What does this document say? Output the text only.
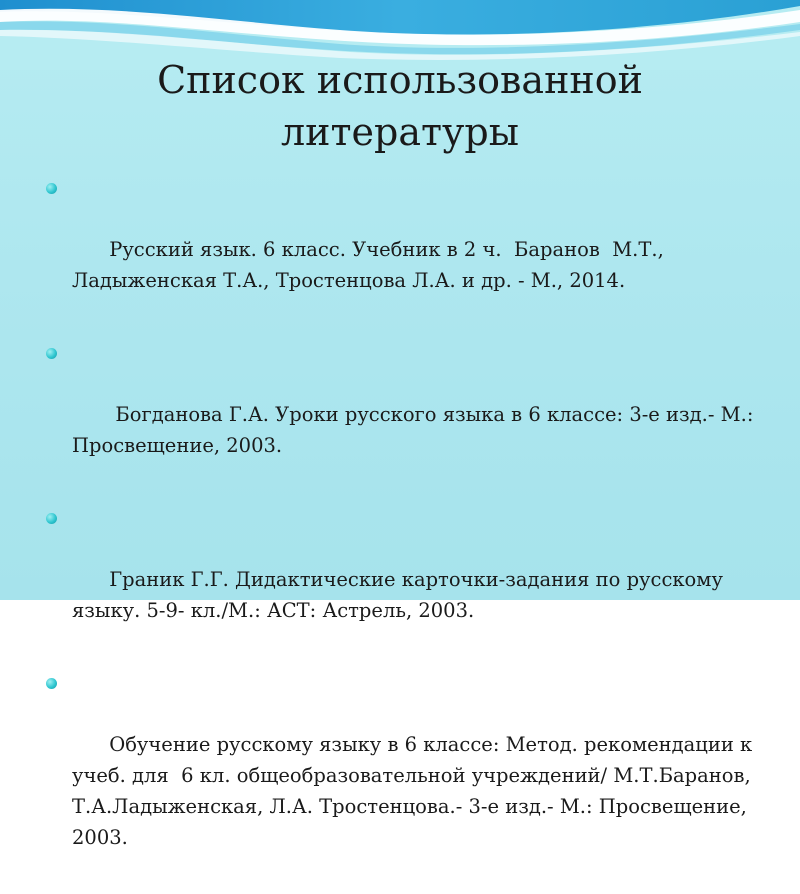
Список использованной литературы

Русский язык. 6 класс. Учебник в 2 ч.  Баранов  М.Т., Ладыженская Т.А., Тростенцова Л.А. и др. - М., 2014.

Богданова Г.А. Уроки русского языка в 6 классе: 3-е изд.- М.: Просвещение, 2003.

Граник Г.Г. Дидактические карточки-задания по русскому языку. 5-9- кл./М.: АСТ: Астрель, 2003.

Обучение русскому языку в 6 классе: Метод. рекомендации к учеб. для  6 кл. общеобразовательной учреждений/ М.Т.Баранов, Т.А.Ладыженская, Л.А. Тростенцова.- 3-е изд.- М.: Просвещение, 2003.
